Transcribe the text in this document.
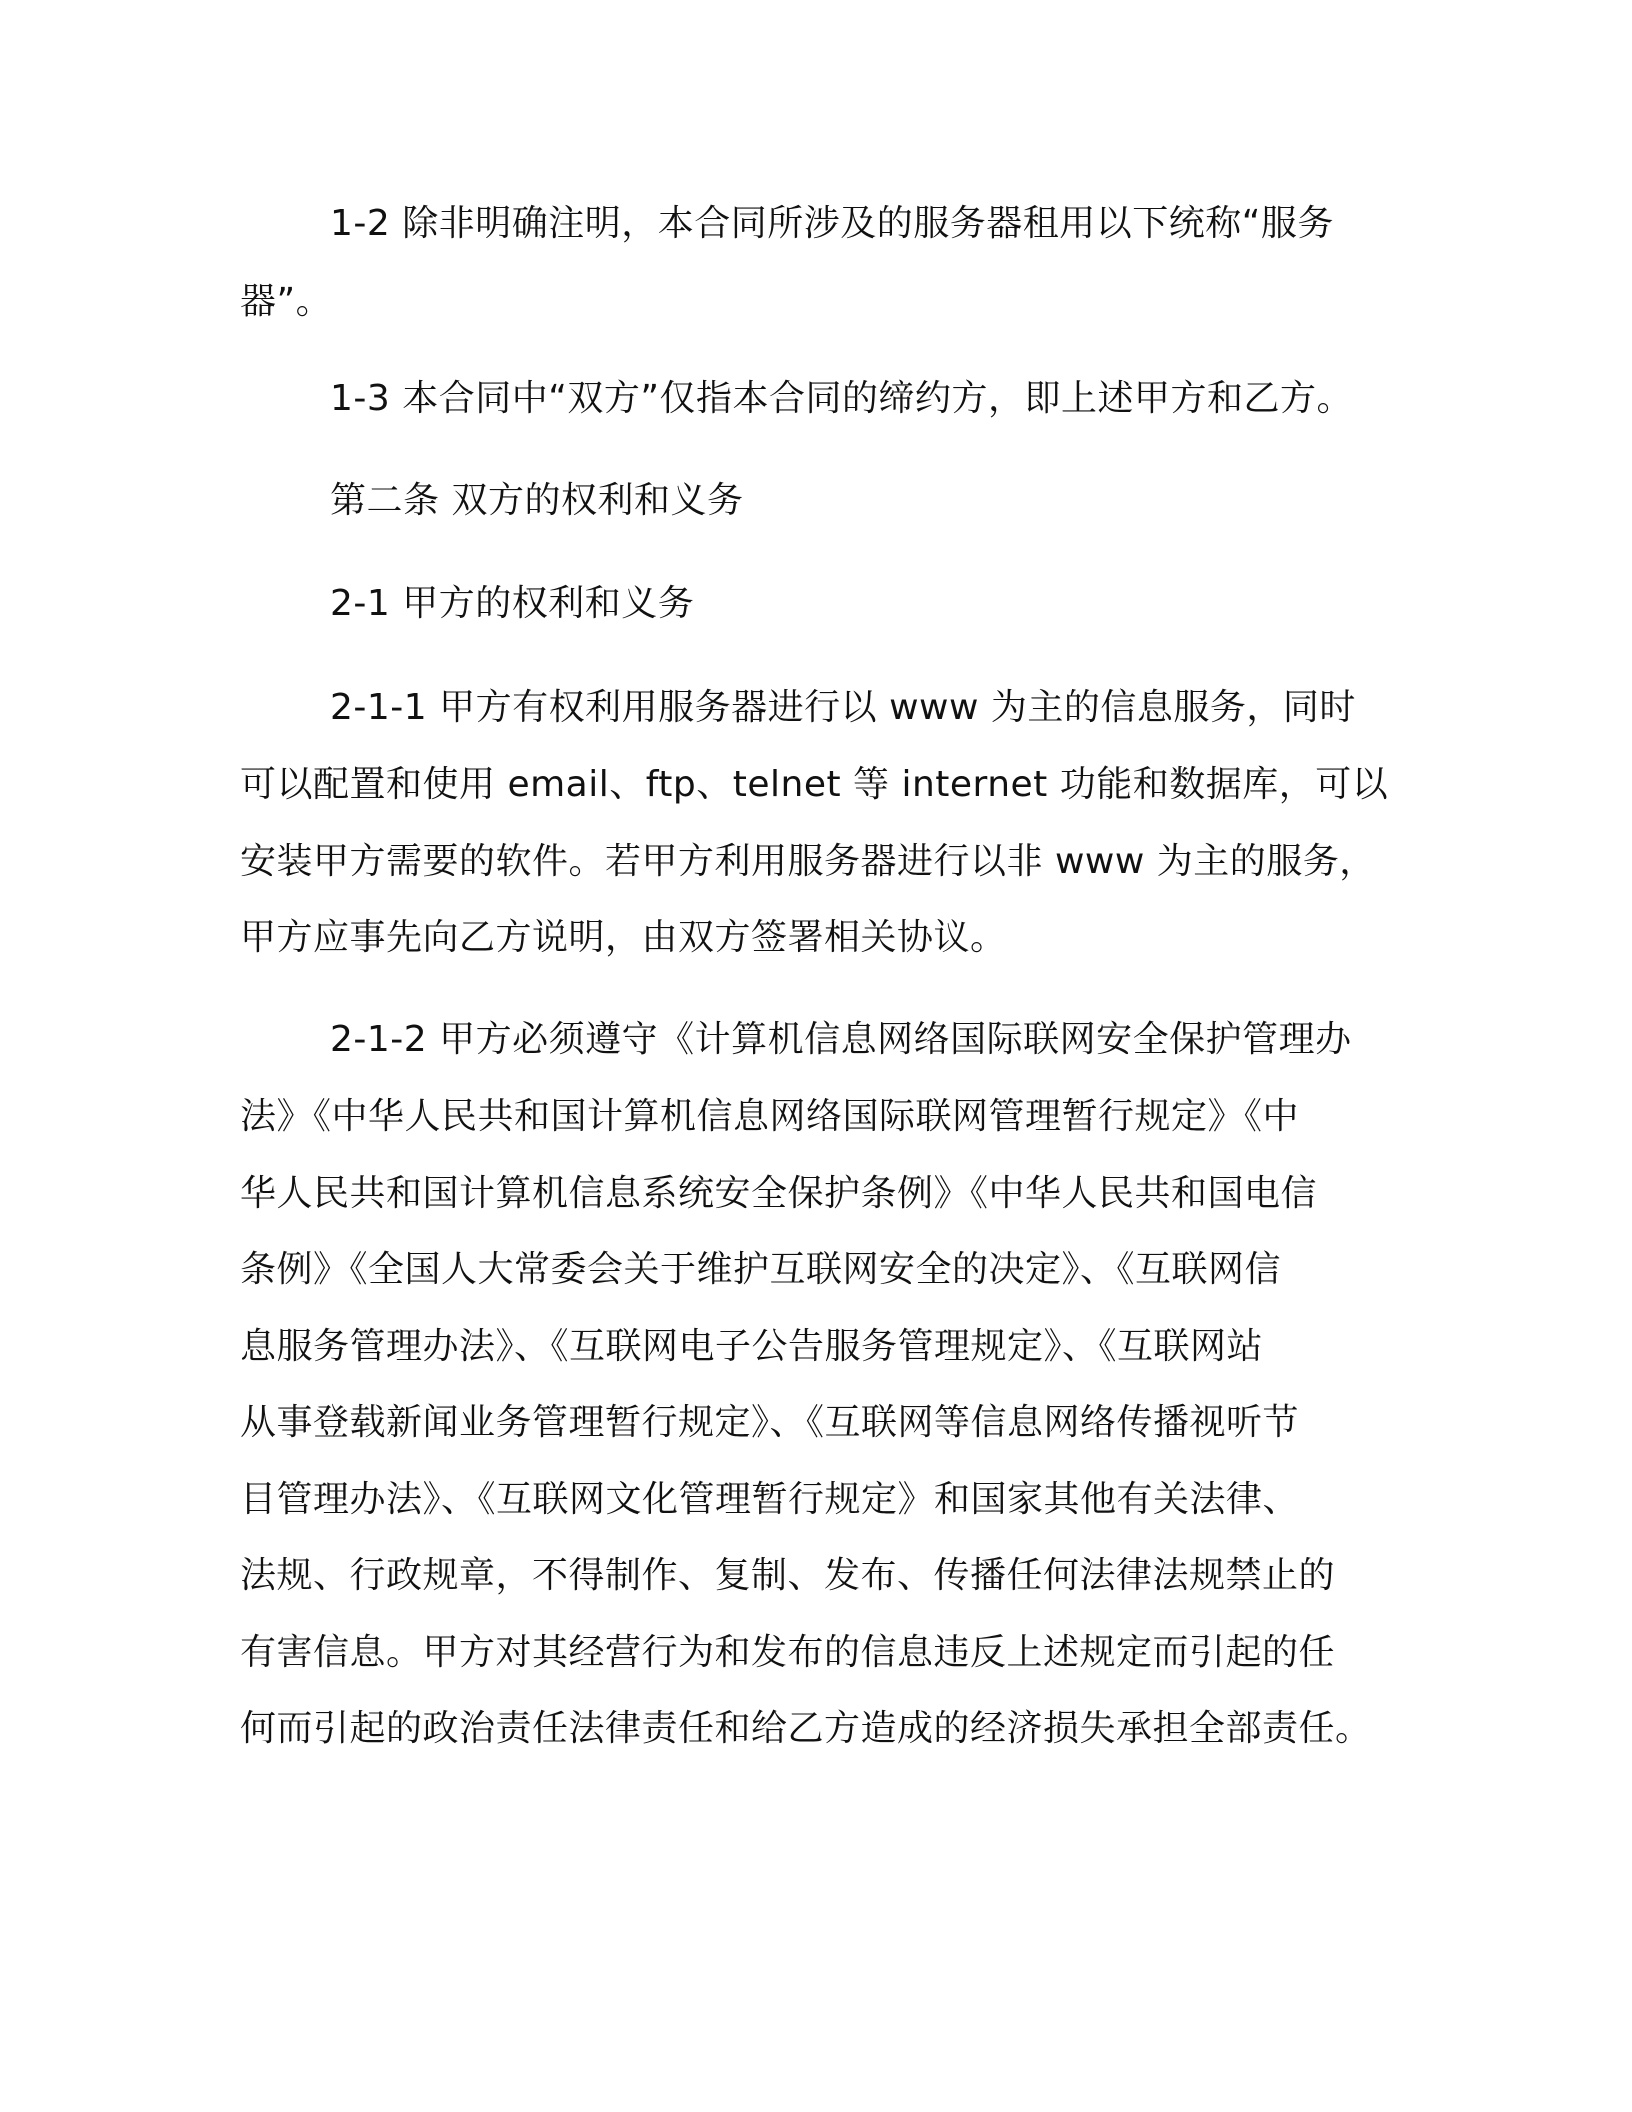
1-2 除非明确注明，本合同所涉及的服务器租用以下统称“服务
器”。
1-3 本合同中“双方”仅指本合同的缔约方，即上述甲方和乙方。
第二条 双方的权利和义务
2-1 甲方的权利和义务
2-1-1 甲方有权利用服务器进行以 www 为主的信息服务，同时
可以配置和使用 email、ftp、telnet 等 internet 功能和数据库，可以
安装甲方需要的软件。若甲方利用服务器进行以非 www 为主的服务，
甲方应事先向乙方说明，由双方签署相关协议。
2-1-2 甲方必须遵守《计算机信息网络国际联网安全保护管理办
法》《中华人民共和国计算机信息网络国际联网管理暂行规定》《中
华人民共和国计算机信息系统安全保护条例》《中华人民共和国电信
条例》《全国人大常委会关于维护互联网安全的决定》、《互联网信
息服务管理办法》、《互联网电子公告服务管理规定》、《互联网站
从事登载新闻业务管理暂行规定》、《互联网等信息网络传播视听节
目管理办法》、《互联网文化管理暂行规定》和国家其他有关法律、
法规、行政规章，不得制作、复制、发布、传播任何法律法规禁止的
有害信息。甲方对其经营行为和发布的信息违反上述规定而引起的任
何而引起的政治责任法律责任和给乙方造成的经济损失承担全部责任。
